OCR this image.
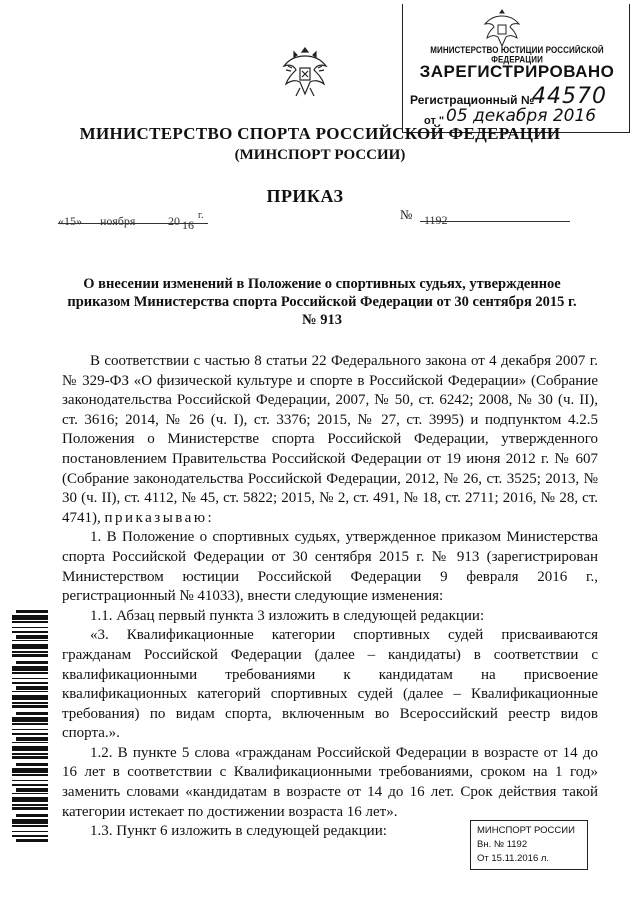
МИНИСТЕРСТВО ЮСТИЦИИ РОССИЙСКОЙ ФЕДЕРАЦИИ
ЗАРЕГИСТРИРОВАНО
Регистрационный №
44570
от " 05 декабря 2016
МИНИСТЕРСТВО СПОРТА РОССИЙСКОЙ ФЕДЕРАЦИИ
(МИНСПОРТ РОССИИ)
ПРИКАЗ
«15» ноября	20 16
г.	№ 1192
О внесении изменений в Положение о спортивных судьях, утвержденное приказом Министерства спорта Российской Федерации от 30 сентября 2015 г. № 913

В соответствии с частью 8 статьи 22 Федерального закона от 4 декабря 2007 г. № 329-ФЗ «О физической культуре и спорте в Российской Федерации» (Собрание законодательства Российской Федерации, 2007, № 50, ст. 6242; 2008, № 30 (ч. II), ст. 3616; 2014, № 26 (ч. I), ст. 3376; 2015, № 27, ст. 3995) и подпунктом 4.2.5 Положения о Министерстве спорта Российской Федерации, утвержденного постановлением Правительства Российской Федерации от 19 июня 2012 г. № 607 (Собрание законодательства Российской Федерации, 2012, № 26, ст. 3525; 2013, № 30 (ч. II), ст. 4112, № 45, ст. 5822; 2015, № 2, ст. 491, № 18, ст. 2711; 2016, № 28, ст. 4741), приказываю:

1. В Положение о спортивных судьях, утвержденное приказом Министерства спорта Российской Федерации от 30 сентября 2015 г. № 913 (зарегистрирован Министерством юстиции Российской Федерации 9 февраля 2016 г., регистрационный № 41033), внести следующие изменения:

1.1. Абзац первый пункта 3 изложить в следующей редакции:

«3. Квалификационные категории спортивных судей присваиваются гражданам Российской Федерации (далее – кандидаты) в соответствии с квалификационными требованиями к кандидатам на присвоение квалификационных категорий спортивных судей (далее – Квалификационные требования) по видам спорта, включенным во Всероссийский реестр видов спорта.».

1.2. В пункте 5 слова «гражданам Российской Федерации в возрасте от 14 до 16 лет в соответствии с Квалификационными требованиями, сроком на 1 год» заменить словами «кандидатам в возрасте от 14 до 16 лет. Срок действия такой категории истекает по достижении возраста 16 лет».

1.3. Пункт 6 изложить в следующей редакции:	МИНСПОРТ РОССИИ
Вн. № 1192
От 15.11.2016 л.
